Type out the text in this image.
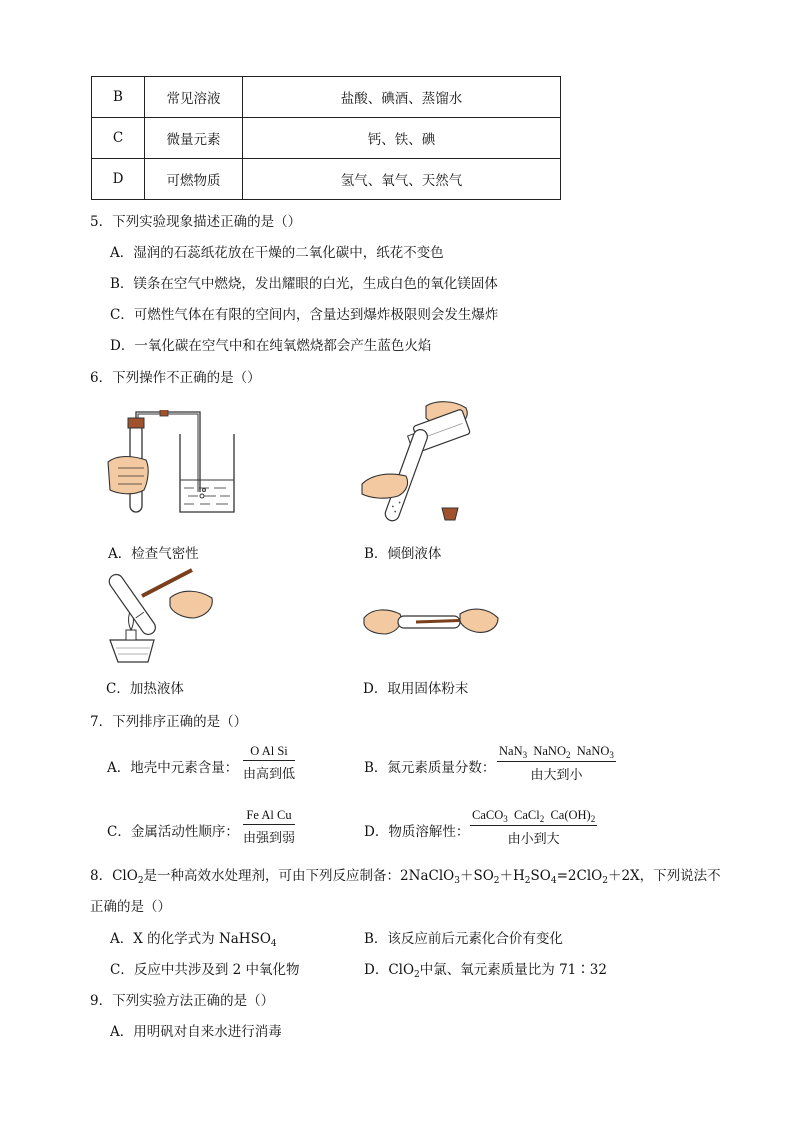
B	常见溶液	盐酸、碘酒、蒸馏水
C	微量元素	钙、铁、碘
D	可燃物质	氢气、氧气、天然气
5．下列实验现象描述正确的是（）
A．湿润的石蕊纸花放在干燥的二氧化碳中，纸花不变色
B．镁条在空气中燃烧，发出耀眼的白光，生成白色的氧化镁固体
C．可燃性气体在有限的空间内，含量达到爆炸极限则会发生爆炸
D．一氧化碳在空气中和在纯氧燃烧都会产生蓝色火焰
6．下列操作不正确的是（）
A．检查气密性	B．倾倒液体
C．加热液体	D．取用固体粉末
7．下列排序正确的是（）
A．地壳中元素含量：
O Al Si
由高到低	B．氮元素质量分数：
NaN$_3$  NaNO$_2$  NaNO$_3$
由大到小
C．金属活动性顺序：
Fe Al Cu
由强到弱	D．物质溶解性：
CaCO$_3$  CaCl$_2$  $Ca(OH)_2$
由小到大
8．ClO$_2$是一种高效水处理剂，可由下列反应制备：$2NaClO_3+SO_2+H_2SO_4=2ClO_2+2X$，下列说法不
正确的是（）
A．X 的化学式为 NaHSO$_4$	B．该反应前后元素化合价有变化
C．反应中共涉及到 2 中氧化物	D．ClO$_2$中氯、氧元素质量比为 71∶32
9．下列实验方法正确的是（）
A．用明矾对自来水进行消毒
